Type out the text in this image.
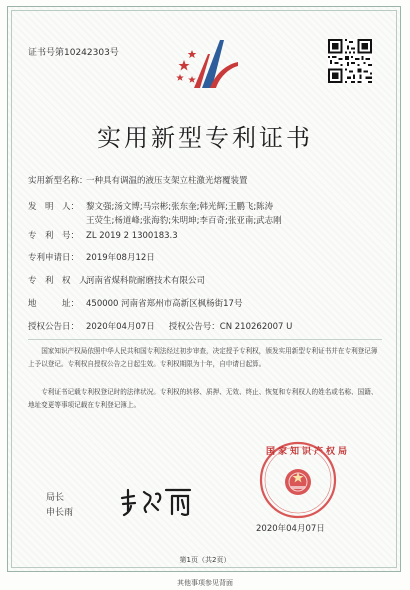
证书号第10242303号
实用新型专利证书
实用新型名称：一种具有调温的液压支架立柱激光熔覆装置
发　明　人： 黎文强;汤文博;马宗彬;张东奎;韩光辉;王鹏飞;陈涛
王荧生;杨道峰;张海豹;朱明坤;李百奇;张亚南;武志刚
专　利　号： ZL 2019 2 1300183.3
专利申请日： 2019年08月12日
专　利　权　人：河南省煤科院耐磨技术有限公司
地　　　址： 450000 河南省郑州市高新区枫杨街17号
授权公告日： 2020年04月07日 授权公告号：CN 210262007 U
国家知识产权局依照中华人民共和国专利法经过初步审查，决定授予专利权，颁发实用新型专利证书并在专利登记簿上予以登记。专利权自授权公告之日起生效。专利权期限为十年，自申请日起算。
专利证书记载专利权登记时的法律状况。专利权的转移、质押、无效、终止、恢复和专利权人的姓名或名称、国籍、地址变更等事项记载在专利登记簿上。
国家知识产权局
2020年04月07日
局长
申长雨
第1页（共2页）
其他事项参见背面
